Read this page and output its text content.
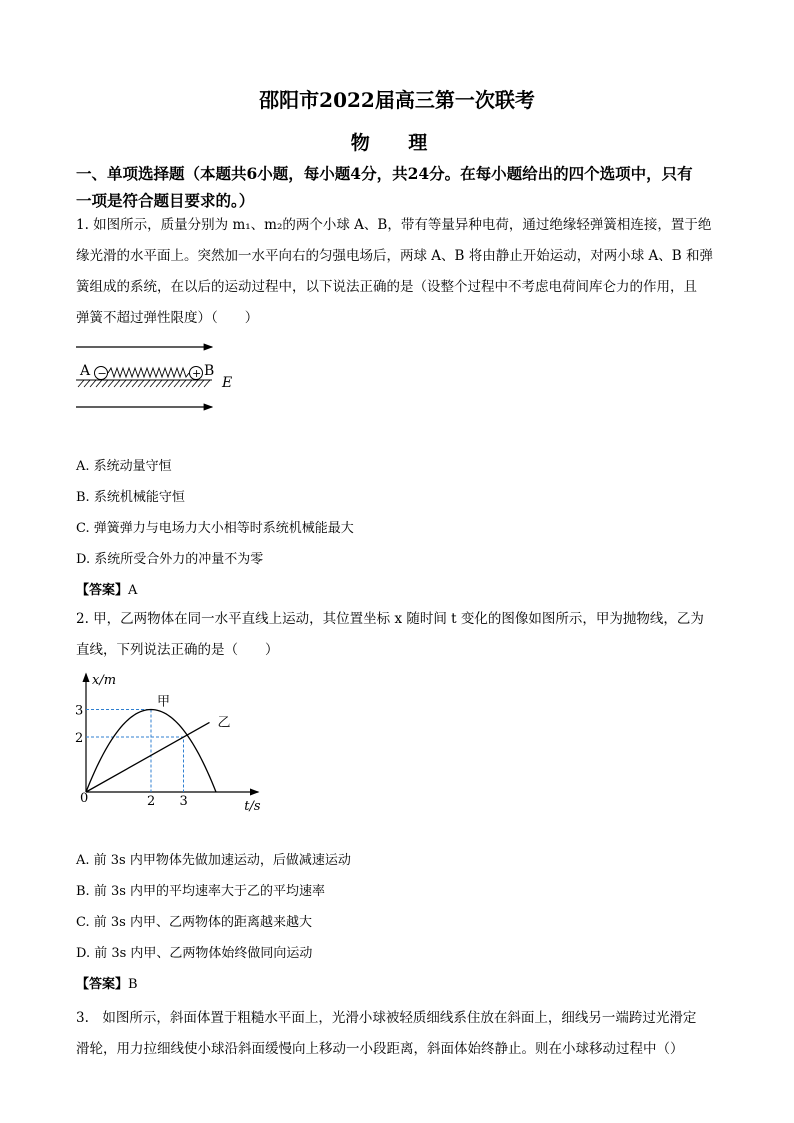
邵阳市2022届高三第一次联考
物 理
一、单项选择题（本题共6小题，每小题4分，共24分。在每小题给出的四个选项中，只有
一项是符合题目要求的。）
1. 如图所示，质量分别为 m₁、m₂的两个小球 A、B，带有等量异种电荷，通过绝缘轻弹簧相连接，置于绝
缘光滑的水平面上。突然加一水平向右的匀强电场后，两球 A、B 将由静止开始运动，对两小球 A、B 和弹
簧组成的系统，在以后的运动过程中，以下说法正确的是（设整个过程中不考虑电荷间库仑力的作用，且
弹簧不超过弹性限度）（　　）
A −	+ B
E
A. 系统动量守恒
B. 系统机械能守恒
C. 弹簧弹力与电场力大小相等时系统机械能最大
D. 系统所受合外力的冲量不为零
【答案】A
2. 甲，乙两物体在同一水平直线上运动，其位置坐标 x 随时间 t 变化的图像如图所示，甲为抛物线，乙为
直线，下列说法正确的是（　　）
x/m
t/s
0	2 3
3
2
甲
乙
A. 前 3s 内甲物体先做加速运动，后做减速运动
B. 前 3s 内甲的平均速率大于乙的平均速率
C. 前 3s 内甲、乙两物体的距离越来越大
D. 前 3s 内甲、乙两物体始终做同向运动
【答案】B
3.　如图所示，斜面体置于粗糙水平面上，光滑小球被轻质细线系住放在斜面上，细线另一端跨过光滑定
滑轮，用力拉细线使小球沿斜面缓慢向上移动一小段距离，斜面体始终静止。则在小球移动过程中（）
